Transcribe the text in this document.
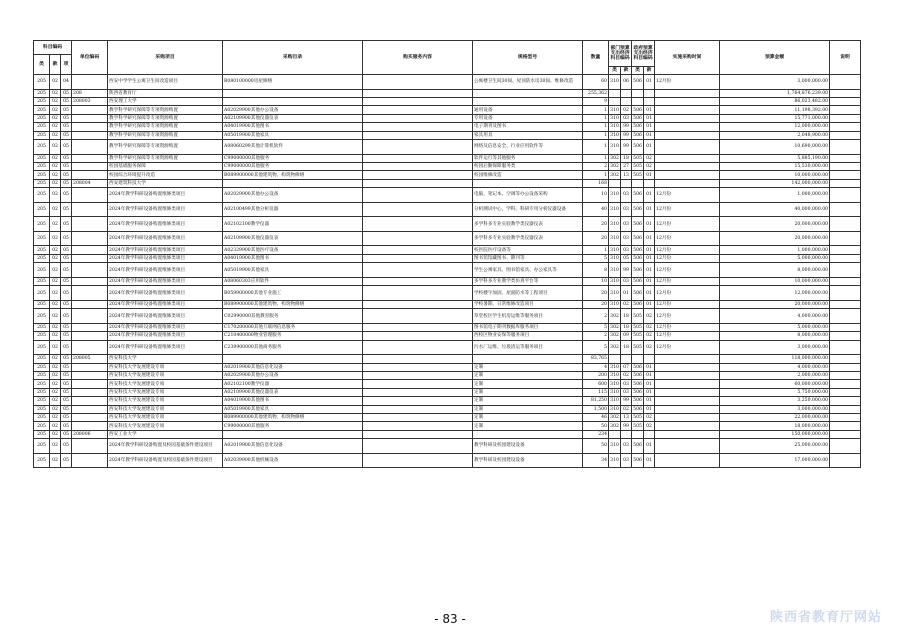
科目编码			单位编码	采购项目	采购目录	购买服务内容	规格型号	数量	部门预算支出经济科目编码		政府预算支出经济科目编码		实施采购时间	预算金额	说明
类	款	项													
									类	款	类	款			
205	02	04		西安中学学生公寓卫生间改造项目	B080100000房屋修缮		公寓楼卫生间30间、屋顶防水房30间、维修改造	60	310	06	506	01	12月份	3,000,000.00	
205	02	05	208	陕西省教育厅				255,362						1,764,876,239.00	
205	02	05	208003	西安理工大学				9						86,023,482.00	
205	02	05		教学科学研究保障等专项资源购置	A02029900其他办公设备		通用设备	1	310	02	506	01		11,198,392.00	
205	02	05		教学科学研究保障等专项资源购置	A02109900其他仪器仪表		专用设备	1	310	03	506	01		15,771,000.00	
205	02	05		教学科学研究保障等专项资源购置	A04019900其他图书		电子期刊及图书	1	310	99	506	01		12,000,000.00	
205	02	05		教学科学研究保障等专项资源购置	A05019900其他家具		家具用具	1	310	99	506	01		2,048,900.00	
205	02	05		教学科学研究保障等专项资源购置	A08060299其他计算机软件		网络及信息安全、行业应用软件等	1	310	99	506	01		10,690,000.00	
205	02	05		教学科学研究保障等专项资源购置	C99000000其他服务		软件运行等其他服务	1	302	18	505	02		5,885,190.00	
205	02	05		校园基础服务保障	C99000000其他服务		校园后勤保障服务类	2	302	27	505	02		15,530,000.00	
205	02	05		校园综合环境提升改造	B089900000其他建筑物、构筑物修缮		校园维修改造	1	302	13	505	01		10,000,000.00	
205	02	05	208004	西安建筑科技大学				168						142,000,000.00	
205	02	05		2024年教学科研设备购置维修类项目	A02029900其他办公设备		电脑、笔记本、空调等办公设备采购	10	310	03	506	01	12月份	1,000,000.00	
205	02	05		2024年教学科研设备购置维修类项目	A02100499其他分析仪器		分析测试中心、学科、科研专用分析仪器设备	40	310	03	506	01	12月份	40,000,000.00	
205	02	05		2024年教学科研设备购置维修类项目	A02102100教学仪器		多学科多专业实验教学类仪器仪表	20	310	03	506	01	12月份	20,000,000.00	
205	02	05		2024年教学科研设备购置维修类项目	A02109900其他仪器仪表		多学科多专业实验教学类仪器仪表	20	310	03	506	01	12月份	20,000,000.00	
205	02	05		2024年教学科研设备购置维修类项目	A02329900其他医疗设备		校医院医疗设备等	1	310	03	506	01	12月份	1,000,000.00	
205	02	05		2024年教学科研设备购置维修类项目	A04019900其他图书		图书馆馆藏图书、期刊等	5	310	05	506	01	12月份	5,000,000.00	
205	02	05		2024年教学科研设备购置维修类项目	A05019900其他家具		学生公寓家具、图书馆家具、办公家具等	8	310	99	506	01	12月份	8,000,000.00	
205	02	05		2024年教学科研设备购置维修类项目	A08060303应用软件		多学科多专业教学类仿真平台等	10	310	03	506	01	12月份	10,000,000.00	
205	02	05		2024年教学科研设备购置维修类项目	B059900000其他专业施工		学校楼宇加固、屋面防水等工程项目	20	310	01	506	01	12月份	12,000,000.00	
205	02	05		2024年教学科研设备购置维修类项目	B089900000其他建筑物、构筑物修缮		学校暑期、日常维修改造项目	20	310	02	506	01	12月份	20,000,000.00	
205	02	05		2024年教学科研设备购置维修类项目	C02990000其他教育服务		草堂校区学生机房运维等服务项目	2	302	18	505	02	12月份	4,000,000.00	
205	02	05		2024年教学科研设备购置维修类项目	C170200000其他互联网信息服务		图书馆电子期刊数据库服务项目	5	302	18	505	02	12月份	5,000,000.00	
205	02	05		2024年教学科研设备购置维修类项目	C210400000物业管理服务		西校区物业安保等服务项目	2	302	09	505	02	12月份	8,000,000.00	
205	02	05		2024年教学科研设备购置维修类项目	C239900000其他商务服务		污水厂运维、垃圾清运等服务项目	5	302	18	505	02	12月份	3,000,000.00	
205	02	05	208005	西安科技大学				83,765						118,000,000.00	
205	02	05		西安科技大学发展建设专项	A02019900其他信息化设备		定制	4	310	07	506	01		4,000,000.00	
205	02	05		西安科技大学发展建设专项	A02029900其他办公设备		定制	200	310	02	506	01		2,000,000.00	
205	02	05		西安科技大学发展建设专项	A02102100教学仪器		定制	600	310	03	506	01		60,000,000.00	
205	02	05		西安科技大学发展建设专项	A02109900其他仪器仪表		定制	115	310	03	506	01		5,750,000.00	
205	02	05		西安科技大学发展建设专项	A04019900其他图书		定制	81,250	310	99	506	01		3,250,000.00	
205	02	05		西安科技大学发展建设专项	A05019900其他家具		定制	1,500	310	02	506	01		3,000,000.00	
205	02	05		西安科技大学发展建设专项	B089900000其他建筑物、构筑物修缮		定制	46	302	13	505	02		22,000,000.00	
205	02	05		西安科技大学发展建设专项	C99000000其他服务		定制	50	302	99	505	02		18,000,000.00	
205	02	05	208006	西安工业大学				234						150,000,000.00	
205	02	05		2024年教学科研设备购置及校园基础条件建设项目	A02019900其他信息化设备		教学科研及校园建设设备	50	310	03	506	01		25,000,000.00	
205	02	05		2024年教学科研设备购置及校园基础条件建设项目	A02039900其他机械设备		教学科研及校园建设设备	34	310	03	506	01		17,000,000.00	
- 83 -	陕西省教育厅网站
